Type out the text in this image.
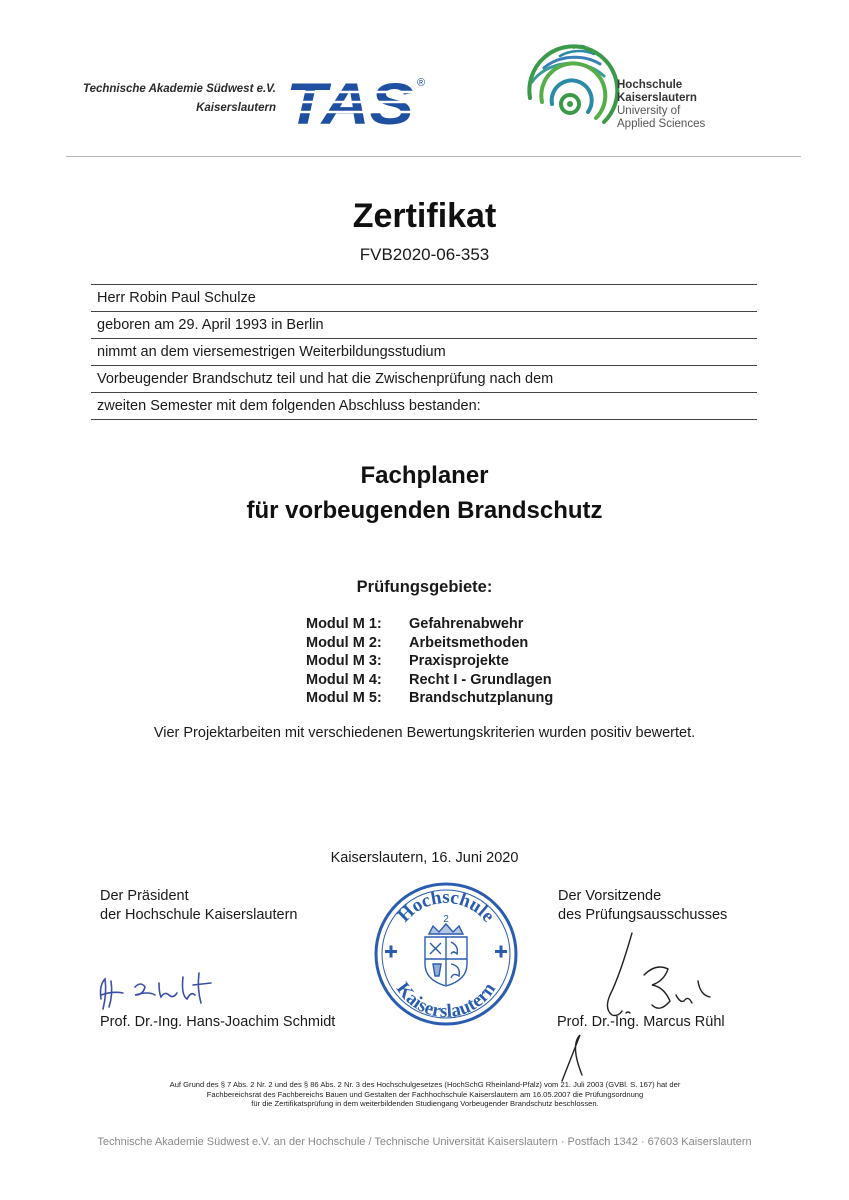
Technische Akademie Südwest e.V.
Kaiserslautern TAS ®	Hochschule
Kaiserslautern
University of
Applied Sciences
Zertifikat
FVB2020-06-353
Herr Robin Paul Schulze
geboren am 29. April 1993 in Berlin
nimmt an dem viersemestrigen Weiterbildungsstudium
Vorbeugender Brandschutz teil und hat die Zwischenprüfung nach dem
zweiten Semester mit dem folgenden Abschluss bestanden:
Fachplaner
für vorbeugenden Brandschutz
Prüfungsgebiete:
Modul M 1:	Gefahrenabwehr
Modul M 2:	Arbeitsmethoden
Modul M 3:	Praxisprojekte
Modul M 4:	Recht I - Grundlagen
Modul M 5:	Brandschutzplanung
Vier Projektarbeiten mit verschiedenen Bewertungskriterien wurden positiv bewertet.
Kaiserslautern, 16. Juni 2020
Der Präsident
der Hochschule Kaiserslautern
Der Vorsitzende
des Prüfungsausschusses
Hochschule
Kaiserslautern
2
Prof. Dr.-Ing. Hans-Joachim Schmidt	Prof. Dr.-Ing. Marcus Rühl
Auf Grund des § 7 Abs. 2 Nr. 2 und des § 86 Abs. 2 Nr. 3 des Hochschulgesetzes (HochSchG Rheinland-Pfalz) vom 21. Juli 2003 (GVBl. S. 167) hat der
Fachbereichsrat des Fachbereichs Bauen und Gestalten der Fachhochschule Kaiserslautern am 16.05.2007 die Prüfungsordnung
für die Zertifikatsprüfung in dem weiterbildenden Studiengang Vorbeugender Brandschutz beschlossen.
Technische Akademie Südwest e.V. an der Hochschule / Technische Universität Kaiserslautern · Postfach 1342 · 67603 Kaiserslautern
